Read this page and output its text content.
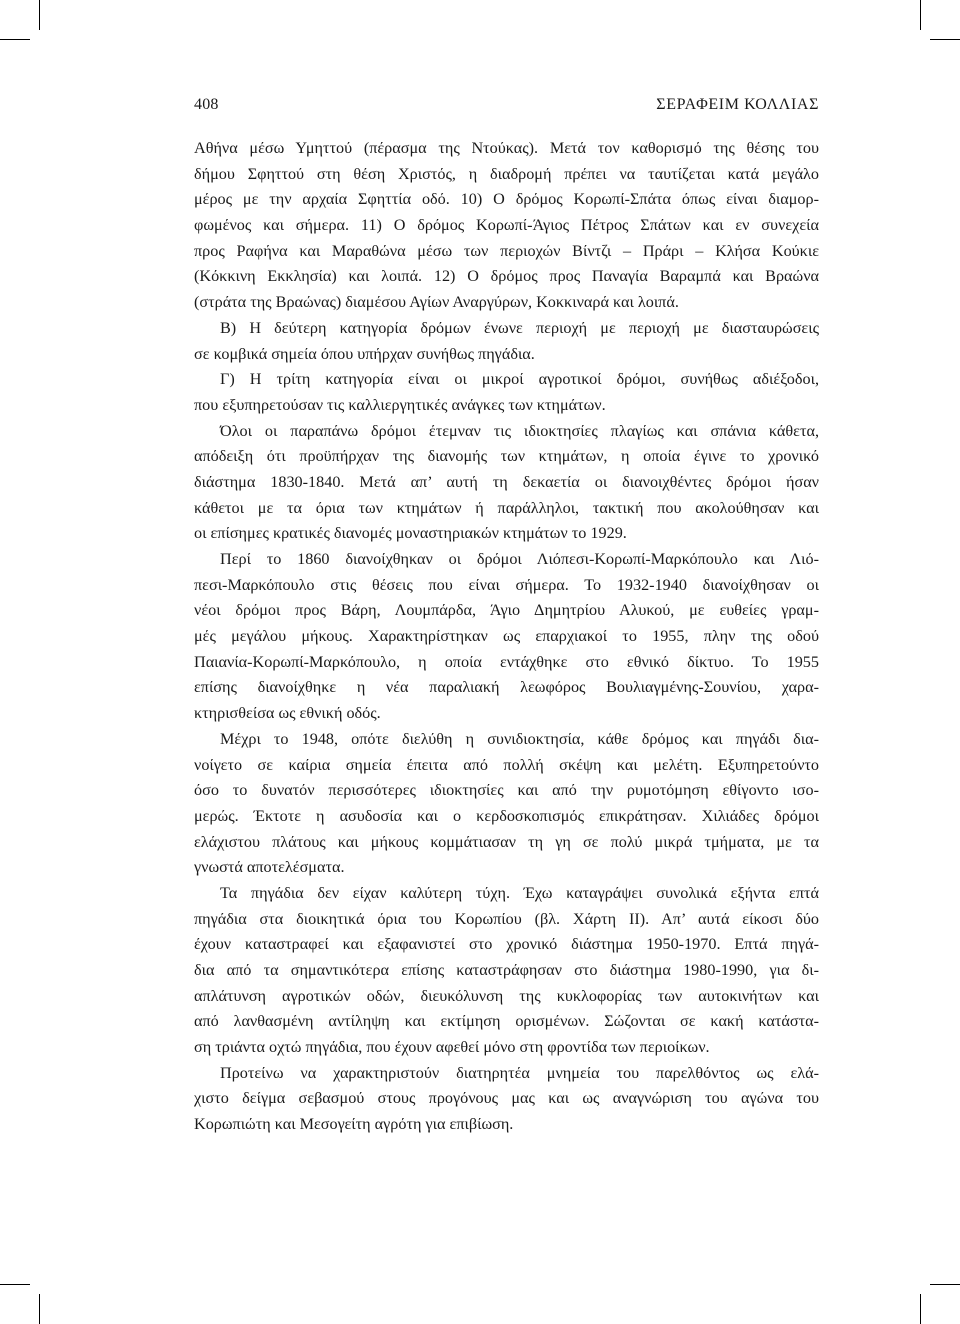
408	ΣΕΡΑΦΕΙΜ ΚΟΛΛΙΑΣ
Αθήνα μέσω Υμηττού (πέρασμα της Ντούκας). Μετά τον καθορισμό της θέσης του
δήμου Σφηττού στη θέση Χριστός, η διαδρομή πρέπει να ταυτίζεται κατά μεγάλο
μέρος με την αρχαία Σφηττία οδό. 10) Ο δρόμος Κορωπί-Σπάτα όπως είναι διαμορ-
φωμένος και σήμερα. 11) Ο δρόμος Κορωπί-Άγιος Πέτρος Σπάτων και εν συνεχεία
προς Ραφήνα και Μαραθώνα μέσω των περιοχών Βίντζι – Πράρι – Κλήσα Κούκιε
(Κόκκινη Εκκλησία) και λοιπά. 12) Ο δρόμος προς Παναγία Βαραμπά και Βραώνα
(στράτα της Βραώνας) διαμέσου Αγίων Αναργύρων, Κοκκιναρά και λοιπά.
Β) Η δεύτερη κατηγορία δρόμων ένωνε περιοχή με περιοχή με διασταυρώσεις
σε κομβικά σημεία όπου υπήρχαν συνήθως πηγάδια.
Γ) Η τρίτη κατηγορία είναι οι μικροί αγροτικοί δρόμοι, συνήθως αδιέξοδοι,
που εξυπηρετούσαν τις καλλιεργητικές ανάγκες των κτημάτων.
Όλοι οι παραπάνω δρόμοι έτεμναν τις ιδιοκτησίες πλαγίως και σπάνια κάθετα,
απόδειξη ότι προϋπήρχαν της διανομής των κτημάτων, η οποία έγινε το χρονικό
διάστημα 1830-1840. Μετά απ’ αυτή τη δεκαετία οι διανοιχθέντες δρόμοι ήσαν
κάθετοι με τα όρια των κτημάτων ή παράλληλοι, τακτική που ακολούθησαν και
οι επίσημες κρατικές διανομές μοναστηριακών κτημάτων το 1929.
Περί το 1860 διανοίχθηκαν οι δρόμοι Λιόπεσι-Κορωπί-Μαρκόπουλο και Λιό-
πεσι-Μαρκόπουλο στις θέσεις που είναι σήμερα. Το 1932-1940 διανοίχθησαν οι
νέοι δρόμοι προς Βάρη, Λουμπάρδα, Άγιο Δημητρίου Αλυκού, με ευθείες γραμ-
μές μεγάλου μήκους. Χαρακτηρίστηκαν ως επαρχιακοί το 1955, πλην της οδού
Παιανία-Κορωπί-Μαρκόπουλο, η οποία εντάχθηκε στο εθνικό δίκτυο. Το 1955
επίσης διανοίχθηκε η νέα παραλιακή λεωφόρος Βουλιαγμένης-Σουνίου, χαρα-
κτηρισθείσα ως εθνική οδός.
Μέχρι το 1948, οπότε διελύθη η συνιδιοκτησία, κάθε δρόμος και πηγάδι δια-
νοίγετο σε καίρια σημεία έπειτα από πολλή σκέψη και μελέτη. Εξυπηρετούντο
όσο το δυνατόν περισσότερες ιδιοκτησίες και από την ρυμοτόμηση εθίγοντο ισο-
μερώς. Έκτοτε η ασυδοσία και ο κερδοσκοπισμός επικράτησαν. Χιλιάδες δρόμοι
ελάχιστου πλάτους και μήκους κομμάτιασαν τη γη σε πολύ μικρά τμήματα, με τα
γνωστά αποτελέσματα.
Τα πηγάδια δεν είχαν καλύτερη τύχη. Έχω καταγράψει συνολικά εξήντα επτά
πηγάδια στα διοικητικά όρια του Κορωπίου (βλ. Χάρτη ΙΙ). Απ’ αυτά είκοσι δύο
έχουν καταστραφεί και εξαφανιστεί στο χρονικό διάστημα 1950-1970. Επτά πηγά-
δια από τα σημαντικότερα επίσης καταστράφησαν στο διάστημα 1980-1990, για δι-
απλάτυνση αγροτικών οδών, διευκόλυνση της κυκλοφορίας των αυτοκινήτων και
από λανθασμένη αντίληψη και εκτίμηση ορισμένων. Σώζονται σε κακή κατάστα-
ση τριάντα οχτώ πηγάδια, που έχουν αφεθεί μόνο στη φροντίδα των περιοίκων.
Προτείνω να χαρακτηριστούν διατηρητέα μνημεία του παρελθόντος ως ελά-
χιστο δείγμα σεβασμού στους προγόνους μας και ως αναγνώριση του αγώνα του
Κορωπιώτη και Μεσογείτη αγρότη για επιβίωση.
